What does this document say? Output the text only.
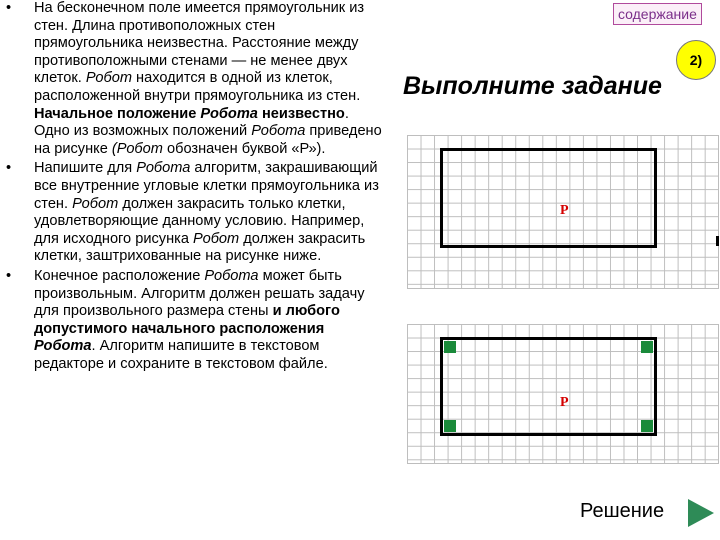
• На бесконечном поле имеется прямоугольник из стен. Длина противоположных стен прямоугольника неизвестна. Расстояние между противоположными стенами — не менее двух клеток. Робот находится в одной из клеток, расположенной внутри прямоугольника из стен. Начальное положение Робота неизвестно. Одно из возможных положений Робота приведено на рисунке (Робот обозначен буквой «Р»).
• Напишите для Робота алгоритм, закрашивающий все внутренние угловые клетки прямоугольника из стен. Робот должен закрасить только клетки, удовлетворяющие данному условию. Например, для исходного рисунка Робот должен закрасить клетки, заштрихованные на рисунке ниже.
• Конечное расположение Робота может быть произвольным. Алгоритм должен решать задачу для произвольного размера стены и любого допустимого начального расположения Робота. Алгоритм напишите в текстовом редакторе и сохраните в текстовом файле.
содержание
2)
Выполните задание
Р
Р
Решение
